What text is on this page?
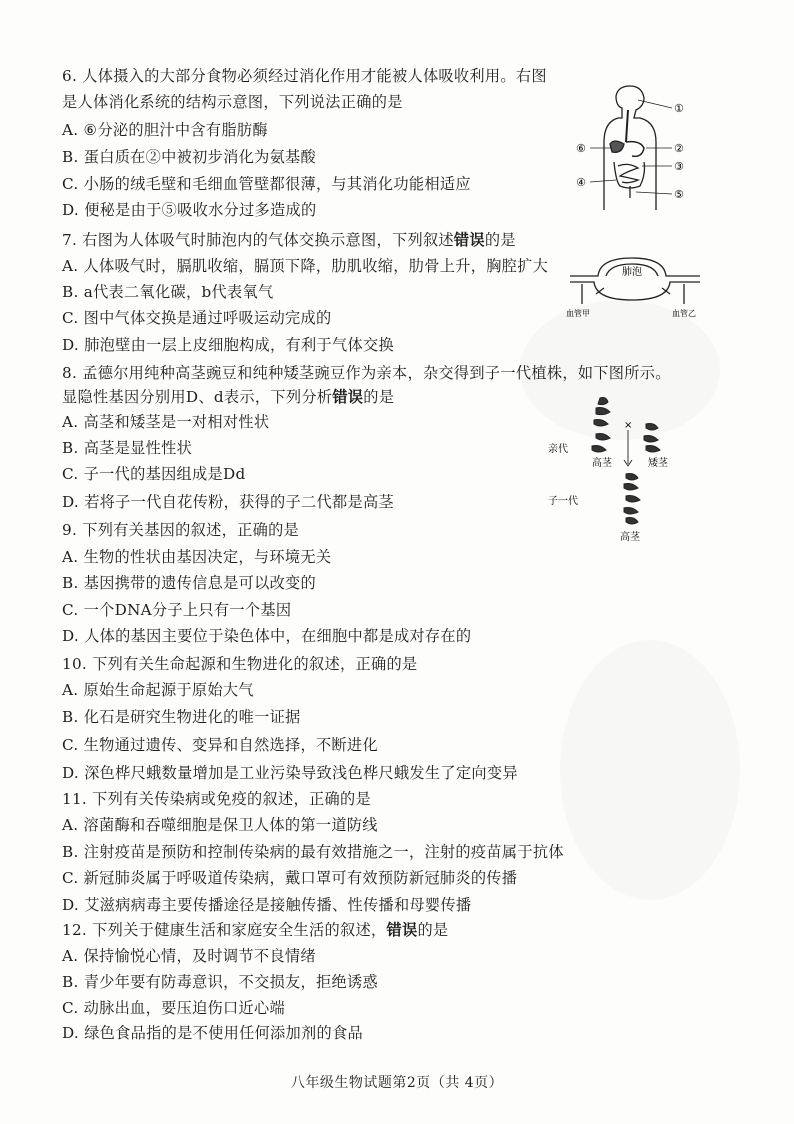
6. 人体摄入的大部分食物必须经过消化作用才能被人体吸收利用。右图
是人体消化系统的结构示意图，下列说法正确的是
A. ⑥分泌的胆汁中含有脂肪酶
B. 蛋白质在②中被初步消化为氨基酸
C. 小肠的绒毛壁和毛细血管壁都很薄，与其消化功能相适应
D. 便秘是由于⑤吸收水分过多造成的
①
②
③
④
⑤
⑥
7. 右图为人体吸气时肺泡内的气体交换示意图，下列叙述错误的是
A. 人体吸气时，膈肌收缩，膈顶下降，肋肌收缩，肋骨上升，胸腔扩大
B. a代表二氧化碳，b代表氧气
C. 图中气体交换是通过呼吸运动完成的
D. 肺泡壁由一层上皮细胞构成，有利于气体交换
肺泡
血管甲	血管乙
8. 孟德尔用纯种高茎豌豆和纯种矮茎豌豆作为亲本，杂交得到子一代植株，如下图所示。
显隐性基因分别用D、d表示，下列分析错误的是
A. 高茎和矮茎是一对相对性状
B. 高茎是显性性状
C. 子一代的基因组成是Dd
D. 若将子一代自花传粉，获得的子二代都是高茎
×
亲代
高茎	矮茎
子一代
高茎
9. 下列有关基因的叙述，正确的是
A. 生物的性状由基因决定，与环境无关
B. 基因携带的遗传信息是可以改变的
C. 一个DNA分子上只有一个基因
D. 人体的基因主要位于染色体中，在细胞中都是成对存在的
10. 下列有关生命起源和生物进化的叙述，正确的是
A. 原始生命起源于原始大气
B. 化石是研究生物进化的唯一证据
C. 生物通过遗传、变异和自然选择，不断进化
D. 深色桦尺蛾数量增加是工业污染导致浅色桦尺蛾发生了定向变异
11. 下列有关传染病或免疫的叙述，正确的是
A. 溶菌酶和吞噬细胞是保卫人体的第一道防线
B. 注射疫苗是预防和控制传染病的最有效措施之一，注射的疫苗属于抗体
C. 新冠肺炎属于呼吸道传染病，戴口罩可有效预防新冠肺炎的传播
D. 艾滋病病毒主要传播途径是接触传播、性传播和母婴传播
12. 下列关于健康生活和家庭安全生活的叙述，错误的是
A. 保持愉悦心情，及时调节不良情绪
B. 青少年要有防毒意识，不交损友，拒绝诱惑
C. 动脉出血，要压迫伤口近心端
D. 绿色食品指的是不使用任何添加剂的食品
八年级生物试题第2页（共 4页）
